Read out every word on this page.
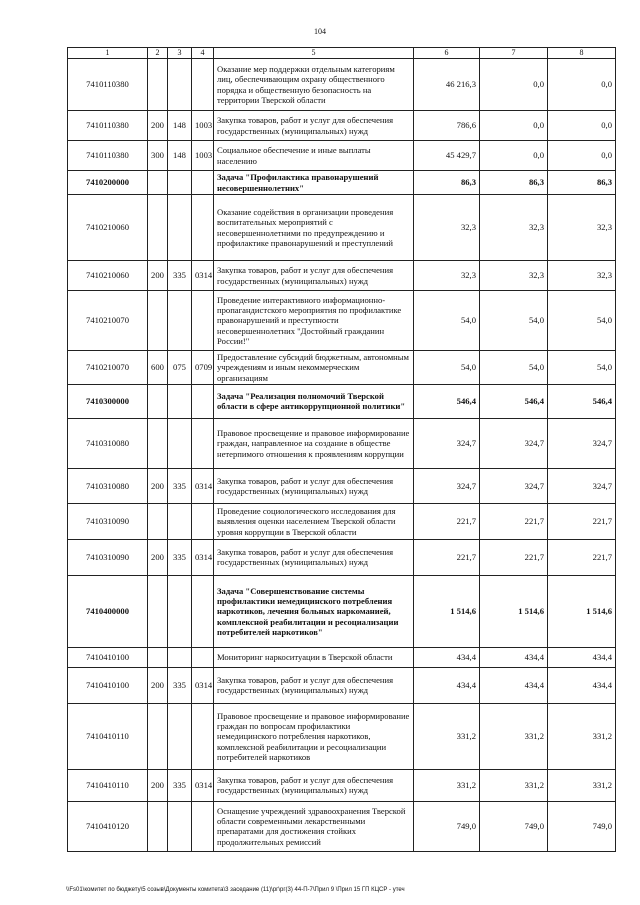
104
1	2	3	4	5	6	7	8
7410110380				Оказание мер поддержки отдельным категориям лиц, обеспечивающим охрану общественного порядка и общественную безопасность на территории Тверской области	46 216,3	0,0	0,0
7410110380	200	148	1003	Закупка товаров, работ и услуг для обеспечения государственных (муниципальных) нужд	786,6	0,0	0,0
7410110380	300	148	1003	Социальное обеспечение и иные выплаты населению	45 429,7	0,0	0,0
7410200000				Задача "Профилактика правонарушений несовершеннолетних"	86,3	86,3	86,3
7410210060				Оказание содействия в организации проведения воспитательных мероприятий с несовершеннолетними по предупреждению и профилактике правонарушений и преступлений	32,3	32,3	32,3
7410210060	200	335	0314	Закупка товаров, работ и услуг для обеспечения государственных (муниципальных) нужд	32,3	32,3	32,3
7410210070				Проведение интерактивного информационно-пропагандистского мероприятия по профилактике правонарушений и преступности несовершеннолетних "Достойный гражданин России!"	54,0	54,0	54,0
7410210070	600	075	0709	Предоставление субсидий бюджетным, автономным учреждениям и иным некоммерческим организациям	54,0	54,0	54,0
7410300000				Задача "Реализация полномочий Тверской области в сфере антикоррупционной политики"	546,4	546,4	546,4
7410310080				Правовое просвещение и правовое информирование граждан, направленное на создание в обществе нетерпимого отношения к проявлениям коррупции	324,7	324,7	324,7
7410310080	200	335	0314	Закупка товаров, работ и услуг для обеспечения государственных (муниципальных) нужд	324,7	324,7	324,7
7410310090				Проведение социологического исследования для выявления оценки населением Тверской области уровня коррупции в Тверской области	221,7	221,7	221,7
7410310090	200	335	0314	Закупка товаров, работ и услуг для обеспечения государственных (муниципальных) нужд	221,7	221,7	221,7
7410400000				Задача "Совершенствование системы профилактики немедицинского потребления наркотиков, лечения больных наркоманией, комплексной реабилитации и ресоциализации потребителей наркотиков"	1 514,6	1 514,6	1 514,6
7410410100				Мониторинг наркоситуации в Тверской области	434,4	434,4	434,4
7410410100	200	335	0314	Закупка товаров, работ и услуг для обеспечения государственных (муниципальных) нужд	434,4	434,4	434,4
7410410110				Правовое просвещение и правовое информирование граждан по вопросам профилактики немедицинского потребления наркотиков, комплексной реабилитации и ресоциализации потребителей наркотиков	331,2	331,2	331,2
7410410110	200	335	0314	Закупка товаров, работ и услуг для обеспечения государственных (муниципальных) нужд	331,2	331,2	331,2
7410410120				Оснащение учреждений здравоохранения Тверской области современными лекарственными препаратами для достижения стойких продолжительных ремиссий	749,0	749,0	749,0
\\Fs01\комитет по бюджету\5 созыв\Документы комитета\3 заседание (11)\рг\рг(3) 44-П-7\Прил 9 \Прил 15 ГП КЦСР - утеч
